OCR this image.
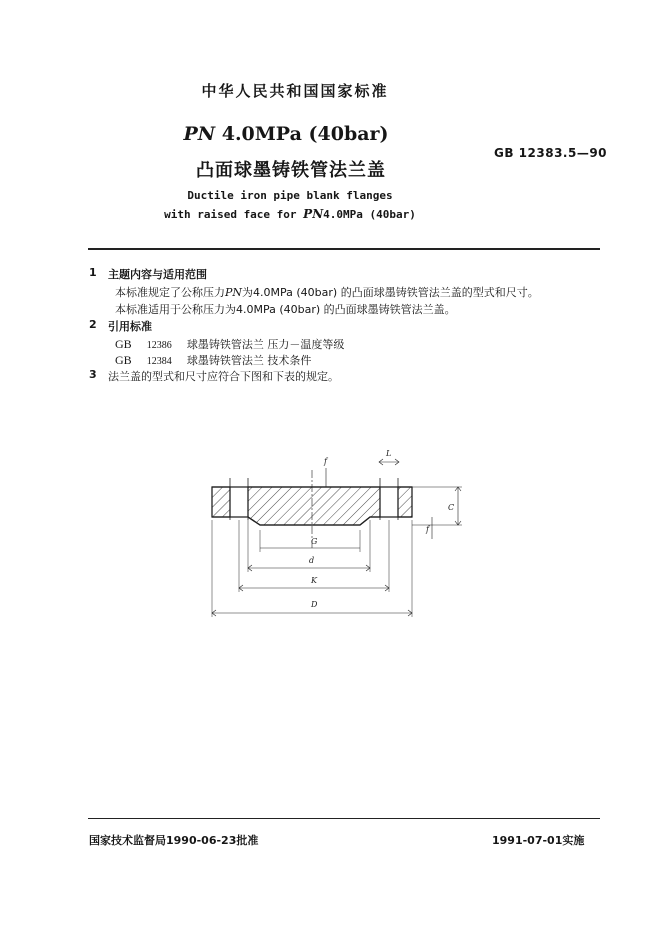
中华人民共和国国家标准
PN 4.0MPa (40bar)
凸面球墨铸铁管法兰盖
Ductile iron pipe blank flanges
with raised face for PN4.0MPa (40bar)
GB 12383.5—90
1 主题内容与适用范围
本标准规定了公称压力PN为4.0MPa (40bar) 的凸面球墨铸铁管法兰盖的型式和尺寸。
本标准适用于公称压力为4.0MPa (40bar) 的凸面球墨铸铁管法兰盖。
2 引用标准
GB 12386 球墨铸铁管法兰 压力－温度等级
GB 12384 球墨铸铁管法兰 技术条件
3 法兰盖的型式和尺寸应符合下图和下表的规定。
L
f
C
f
G
d
K
D
国家技术监督局1990-06-23批准	1991-07-01实施
